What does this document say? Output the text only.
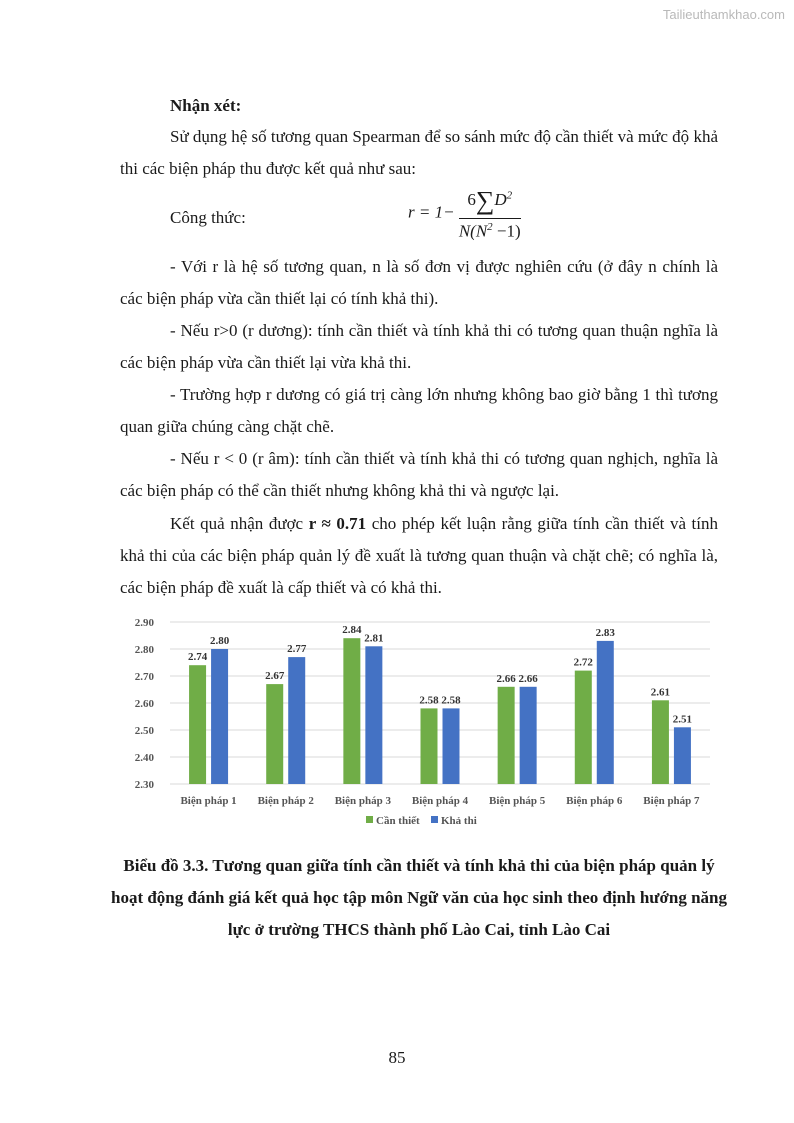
Tailieuthamkhao.com
Nhận xét:
Sử dụng hệ số tương quan Spearman để so sánh mức độ cần thiết và mức độ khả thi các biện pháp thu được kết quả như sau:
Công thức:	$r = 1- \frac{6\sum D^2}{N(N^2 -1)}$
- Với r là hệ số tương quan, n là số đơn vị được nghiên cứu (ở đây n chính là các biện pháp vừa cần thiết lại có tính khả thi).
- Nếu r>0 (r dương): tính cần thiết và tính khả thi có tương quan thuận nghĩa là các biện pháp vừa cần thiết lại vừa khả thi.
- Trường hợp r dương có giá trị càng lớn nhưng không bao giờ bằng 1 thì tương quan giữa chúng càng chặt chẽ.
- Nếu r < 0 (r âm): tính cần thiết và tính khả thi có tương quan nghịch, nghĩa là các biện pháp có thể cần thiết nhưng không khả thi và ngược lại.
Kết quả nhận được r ≈ 0.71 cho phép kết luận rằng giữa tính cần thiết và tính khả thi của các biện pháp quản lý đề xuất là tương quan thuận và chặt chẽ; có nghĩa là, các biện pháp đề xuất là cấp thiết và có khả thi.
2.30
2.40
2.50
2.60
2.70
2.80
2.90
2.74
2.80
Biện pháp 1
2.67
2.77
Biện pháp 2
2.84
2.81
Biện pháp 3
2.58 2.58
Biện pháp 4
2.66 2.66
Biện pháp 5
2.72
2.83
Biện pháp 6
2.61
2.51
Biện pháp 7
Cần thiết Khả thi
Biểu đồ 3.3. Tương quan giữa tính cần thiết và tính khả thi của biện pháp quản lý hoạt động đánh giá kết quả học tập môn Ngữ văn của học sinh theo định hướng năng lực ở trường THCS thành phố Lào Cai, tỉnh Lào Cai
85
